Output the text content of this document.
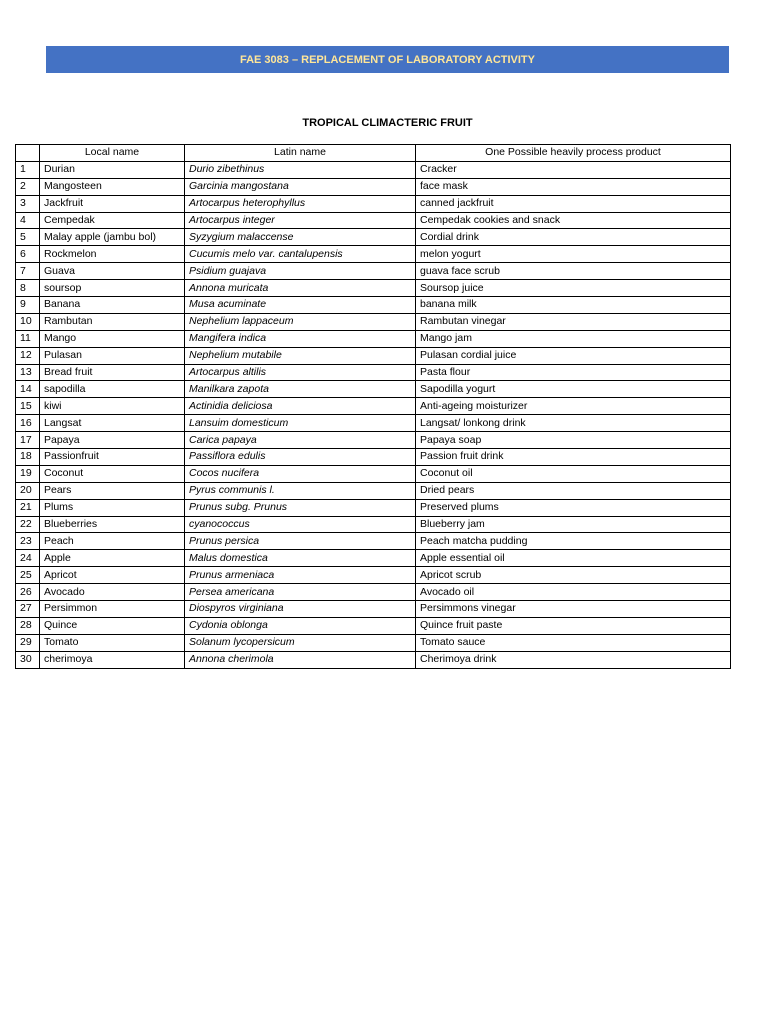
FAE 3083 – REPLACEMENT OF LABORATORY ACTIVITY
TROPICAL CLIMACTERIC FRUIT
	Local name	Latin name	One Possible heavily process product
1	Durian	Durio zibethinus	Cracker
2	Mangosteen	Garcinia mangostana	face mask
3	Jackfruit	Artocarpus heterophyllus	canned jackfruit
4	Cempedak	Artocarpus integer	Cempedak cookies and snack
5	Malay apple (jambu bol)	Syzygium malaccense	Cordial drink
6	Rockmelon	Cucumis melo var. cantalupensis	melon yogurt
7	Guava	Psidium guajava	guava face scrub
8	soursop	Annona muricata	Soursop juice
9	Banana	Musa acuminate	banana milk
10	Rambutan	Nephelium lappaceum	Rambutan vinegar
11	Mango	Mangifera indica	Mango jam
12	Pulasan	Nephelium mutabile	Pulasan cordial juice
13	Bread fruit	Artocarpus altilis	Pasta flour
14	sapodilla	Manilkara zapota	Sapodilla yogurt
15	kiwi	Actinidia deliciosa	Anti-ageing moisturizer
16	Langsat	Lansuim domesticum	Langsat/ lonkong drink
17	Papaya	Carica papaya	Papaya soap
18	Passionfruit	Passiflora edulis	Passion fruit drink
19	Coconut	Cocos nucifera	Coconut oil
20	Pears	Pyrus communis l.	Dried pears
21	Plums	Prunus subg. Prunus	Preserved plums
22	Blueberries	cyanococcus	Blueberry jam
23	Peach	Prunus persica	Peach matcha pudding
24	Apple	Malus domestica	Apple essential oil
25	Apricot	Prunus armeniaca	Apricot scrub
26	Avocado	Persea americana	Avocado oil
27	Persimmon	Diospyros virginiana	Persimmons vinegar
28	Quince	Cydonia oblonga	Quince fruit paste
29	Tomato	Solanum lycopersicum	Tomato sauce
30	cherimoya	Annona cherimola	Cherimoya drink
